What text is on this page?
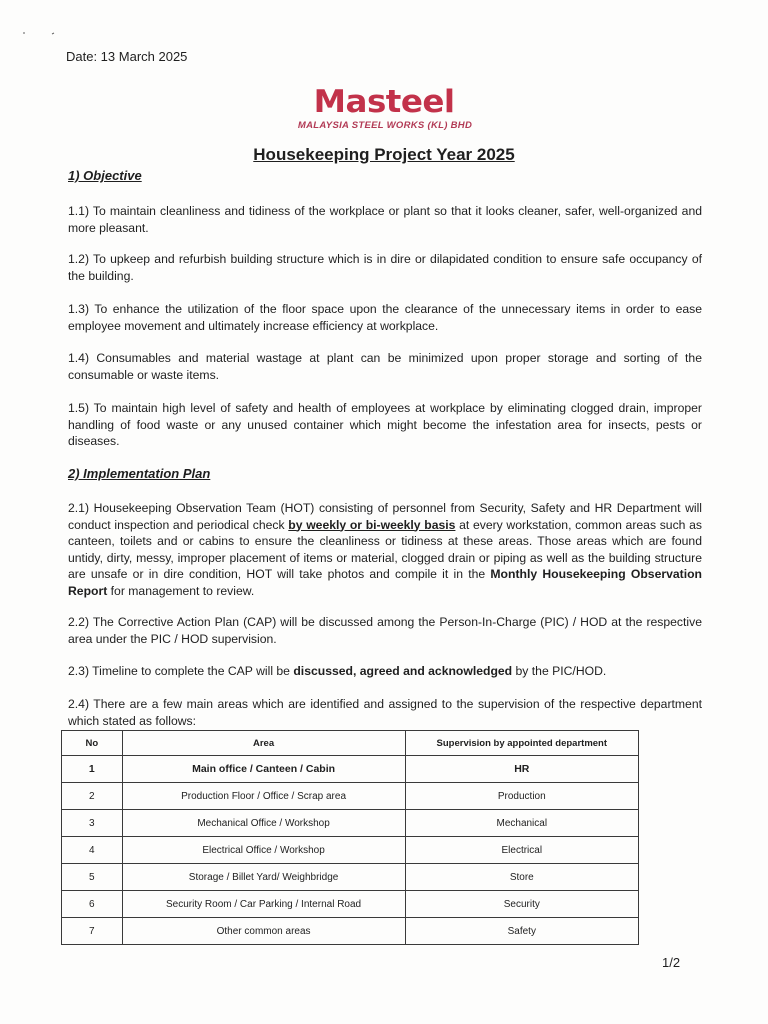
Date: 13 March 2025
Masteel
MALAYSIA STEEL WORKS (KL) BHD
Housekeeping Project Year 2025
1) Objective
1.1) To maintain cleanliness and tidiness of the workplace or plant so that it looks cleaner, safer, well-organized and more pleasant.
1.2) To upkeep and refurbish building structure which is in dire or dilapidated condition to ensure safe occupancy of the building.
1.3) To enhance the utilization of the floor space upon the clearance of the unnecessary items in order to ease employee movement and ultimately increase efficiency at workplace.
1.4) Consumables and material wastage at plant can be minimized upon proper storage and sorting of the consumable or waste items.
1.5) To maintain high level of safety and health of employees at workplace by eliminating clogged drain, improper handling of food waste or any unused container which might become the infestation area for insects, pests or diseases.
2) Implementation Plan
2.1) Housekeeping Observation Team (HOT) consisting of personnel from Security, Safety and HR Department will conduct inspection and periodical check by weekly or bi-weekly basis at every workstation, common areas such as canteen, toilets and or cabins to ensure the cleanliness or tidiness at these areas. Those areas which are found untidy, dirty, messy, improper placement of items or material, clogged drain or piping as well as the building structure are unsafe or in dire condition, HOT will take photos and compile it in the Monthly Housekeeping Observation Report for management to review.
2.2) The Corrective Action Plan (CAP) will be discussed among the Person-In-Charge (PIC) / HOD at the respective area under the PIC / HOD supervision.
2.3) Timeline to complete the CAP will be discussed, agreed and acknowledged by the PIC/HOD.
2.4) There are a few main areas which are identified and assigned to the supervision of the respective department which stated as follows:
No	Area	Supervision by appointed department
1	Main office / Canteen / Cabin	HR
2	Production Floor / Office / Scrap area	Production
3	Mechanical Office / Workshop	Mechanical
4	Electrical Office / Workshop	Electrical
5	Storage / Billet Yard/ Weighbridge	Store
6	Security Room / Car Parking / Internal Road	Security
7	Other common areas	Safety
1/2
